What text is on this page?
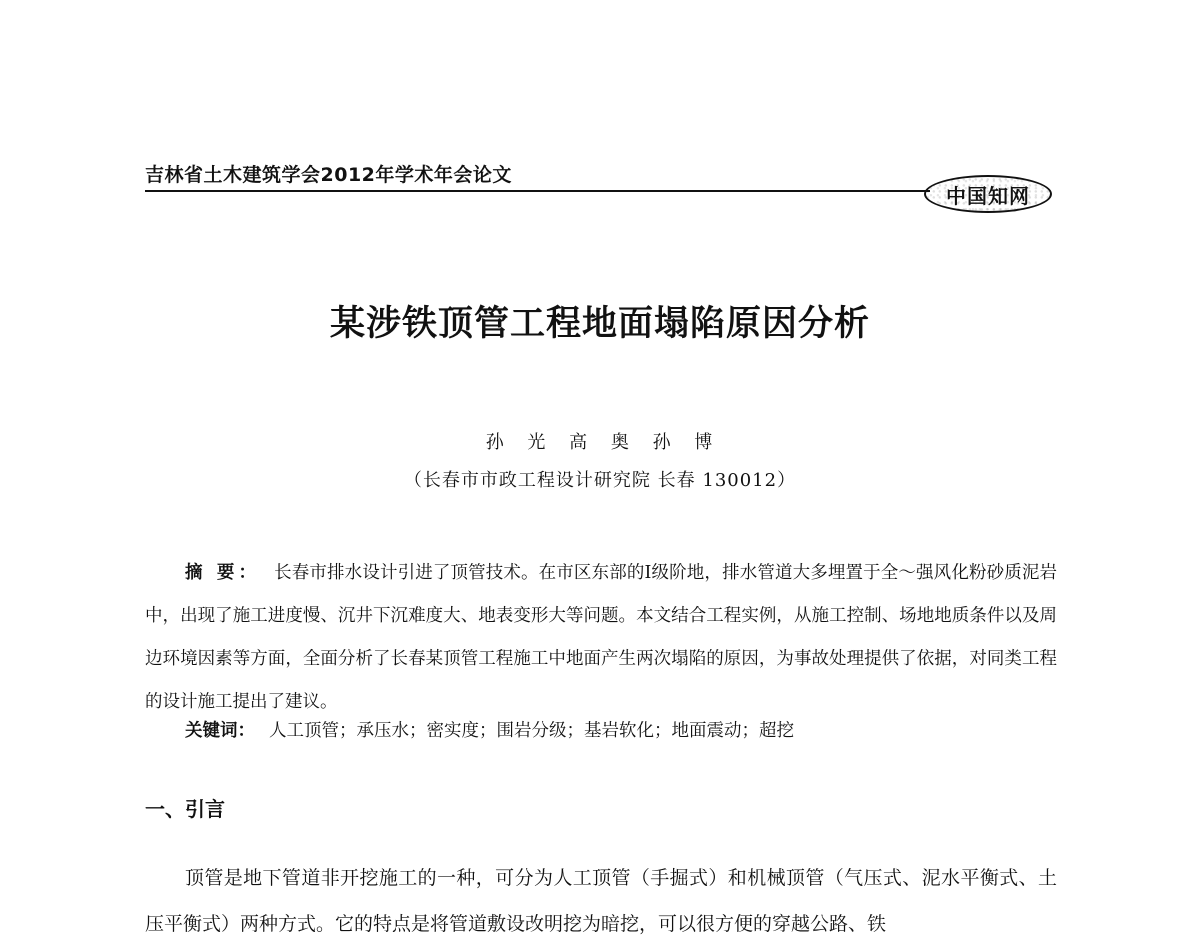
吉林省土木建筑学会2012年学术年会论文
中国知网
某涉铁顶管工程地面塌陷原因分析
孙 光 高 奥 孙 博
（长春市市政工程设计研究院 长春 130012）

摘 要： 长春市排水设计引进了顶管技术。在市区东部的Ⅰ级阶地，排水管道大多埋置于全～强风化粉砂质泥岩中，出现了施工进度慢、沉井下沉难度大、地表变形大等问题。本文结合工程实例，从施工控制、场地地质条件以及周边环境因素等方面，全面分析了长春某顶管工程施工中地面产生两次塌陷的原因，为事故处理提供了依据，对同类工程的设计施工提出了建议。

关键词： 人工顶管；承压水；密实度；围岩分级；基岩软化；地面震动；超挖
一、引言

顶管是地下管道非开挖施工的一种，可分为人工顶管（手掘式）和机械顶管（气压式、泥水平衡式、土压平衡式）两种方式。它的特点是将管道敷设改明挖为暗挖，可以很方便的穿越公路、铁
